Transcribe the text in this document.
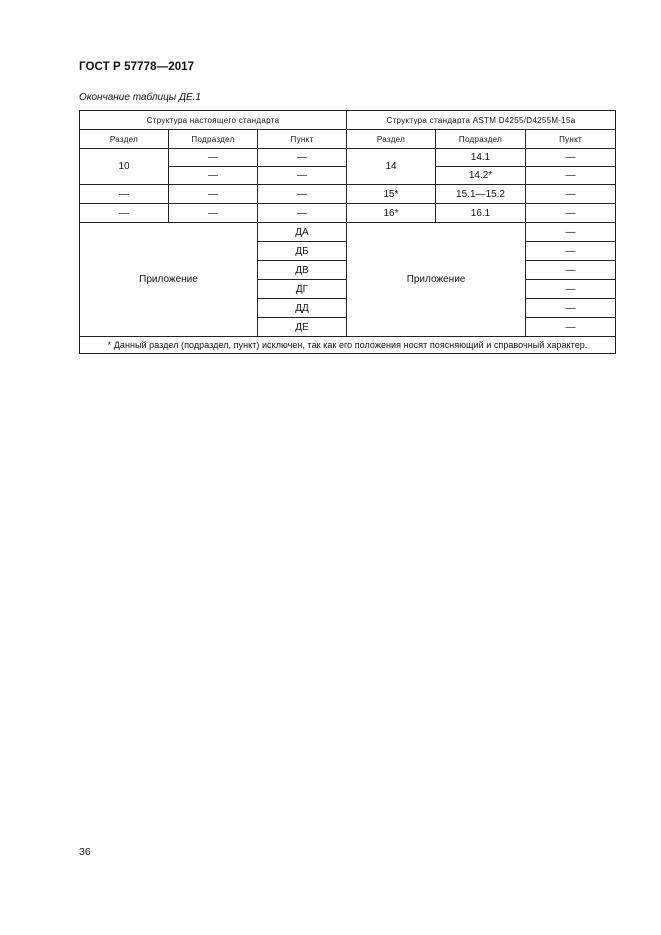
ГОСТ Р 57778—2017
Окончание таблицы ДЕ.1
Структура настоящего стандарта			Структура стандарта ASTM D4255/D4255M-15a		
Раздел	Подраздел	Пункт	Раздел	Подраздел	Пункт
10	—	—	14	14.1	—
	—	—		14.2*	—
—	—	—	15*	15.1—15.2	—
—	—	—	16*	16.1	—
Приложение		ДА	Приложение		—
		ДБ			—
		ДВ			—
		ДГ			—
		ДД			—
		ДЕ			—
* Данный раздел (подраздел, пункт) исключен, так как его положения носят поясняющий и справочный характер.					
36
